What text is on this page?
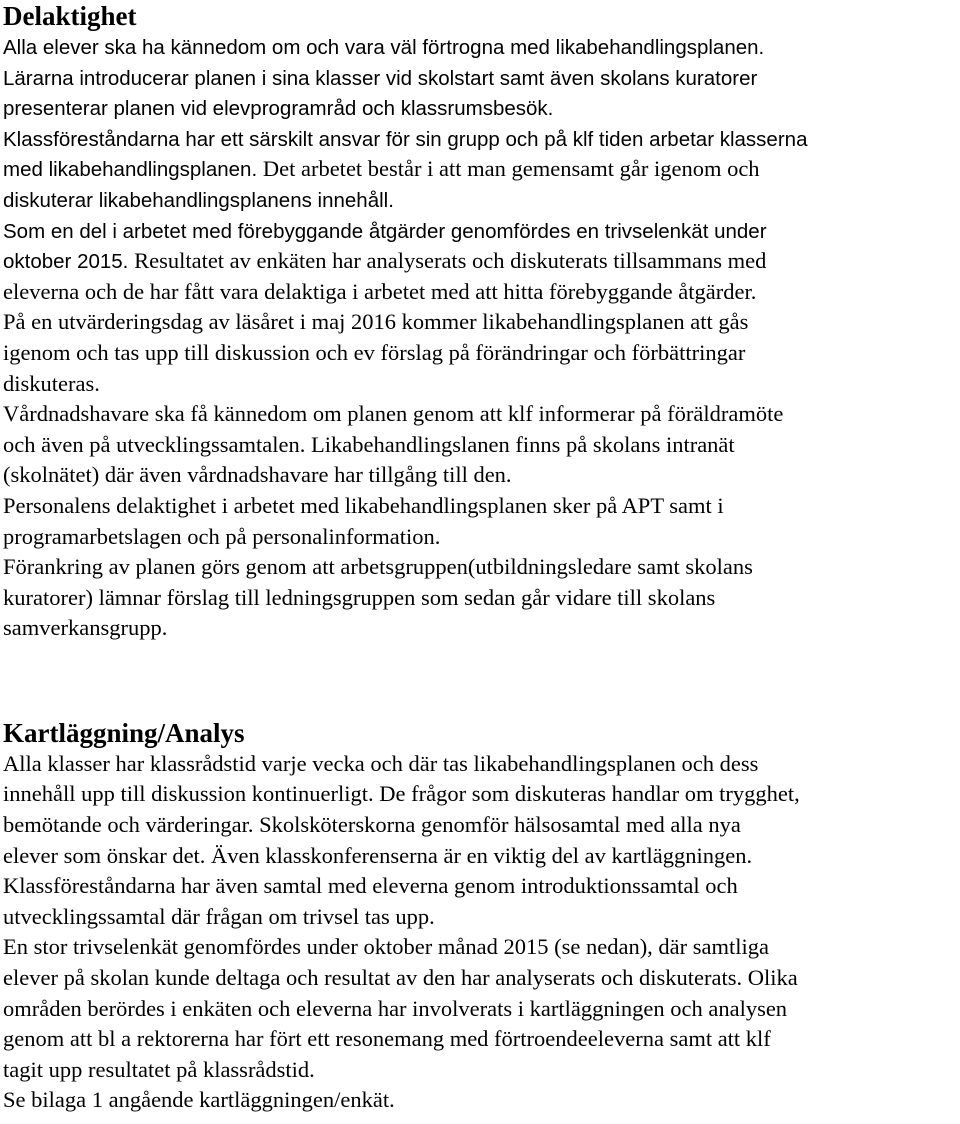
Delaktighet
Alla elever ska ha kännedom om och vara väl förtrogna med likabehandlingsplanen.
Lärarna introducerar planen i sina klasser vid skolstart samt även skolans kuratorer
presenterar planen vid elevprogramråd och klassrumsbesök.
Klassföreståndarna har ett särskilt ansvar för sin grupp och på klf tiden arbetar klasserna
med likabehandlingsplanen. Det arbetet består i att man gemensamt går igenom och
diskuterar likabehandlingsplanens innehåll.
Som en del i arbetet med förebyggande åtgärder genomfördes en trivselenkät under
oktober 2015. Resultatet av enkäten har analyserats och diskuterats tillsammans med
eleverna och de har fått vara delaktiga i arbetet med att hitta förebyggande åtgärder.
På en utvärderingsdag av läsåret i maj 2016 kommer likabehandlingsplanen att gås
igenom och tas upp till diskussion och ev förslag på förändringar och förbättringar
diskuteras.
Vårdnadshavare ska få kännedom om planen genom att klf informerar på föräldramöte
och även på utvecklingssamtalen. Likabehandlingslanen finns på skolans intranät
(skolnätet) där även vårdnadshavare har tillgång till den.
Personalens delaktighet i arbetet med likabehandlingsplanen sker på APT samt i
programarbetslagen och på personalinformation.
Förankring av planen görs genom att arbetsgruppen(utbildningsledare samt skolans
kuratorer) lämnar förslag till ledningsgruppen som sedan går vidare till skolans
samverkansgrupp.
Kartläggning/Analys
Alla klasser har klassrådstid varje vecka och där tas likabehandlingsplanen och dess
innehåll upp till diskussion kontinuerligt. De frågor som diskuteras handlar om trygghet,
bemötande och värderingar. Skolsköterskorna genomför hälsosamtal med alla nya
elever som önskar det. Även klasskonferenserna är en viktig del av kartläggningen.
Klassföreståndarna har även samtal med eleverna genom introduktionssamtal och
utvecklingssamtal där frågan om trivsel tas upp.
En stor trivselenkät genomfördes under oktober månad 2015 (se nedan), där samtliga
elever på skolan kunde deltaga och resultat av den har analyserats och diskuterats. Olika
områden berördes i enkäten och eleverna har involverats i kartläggningen och analysen
genom att bl a rektorerna har fört ett resonemang med förtroendeeleverna samt att klf
tagit upp resultatet på klassrådstid.
Se bilaga 1 angående kartläggningen/enkät.
